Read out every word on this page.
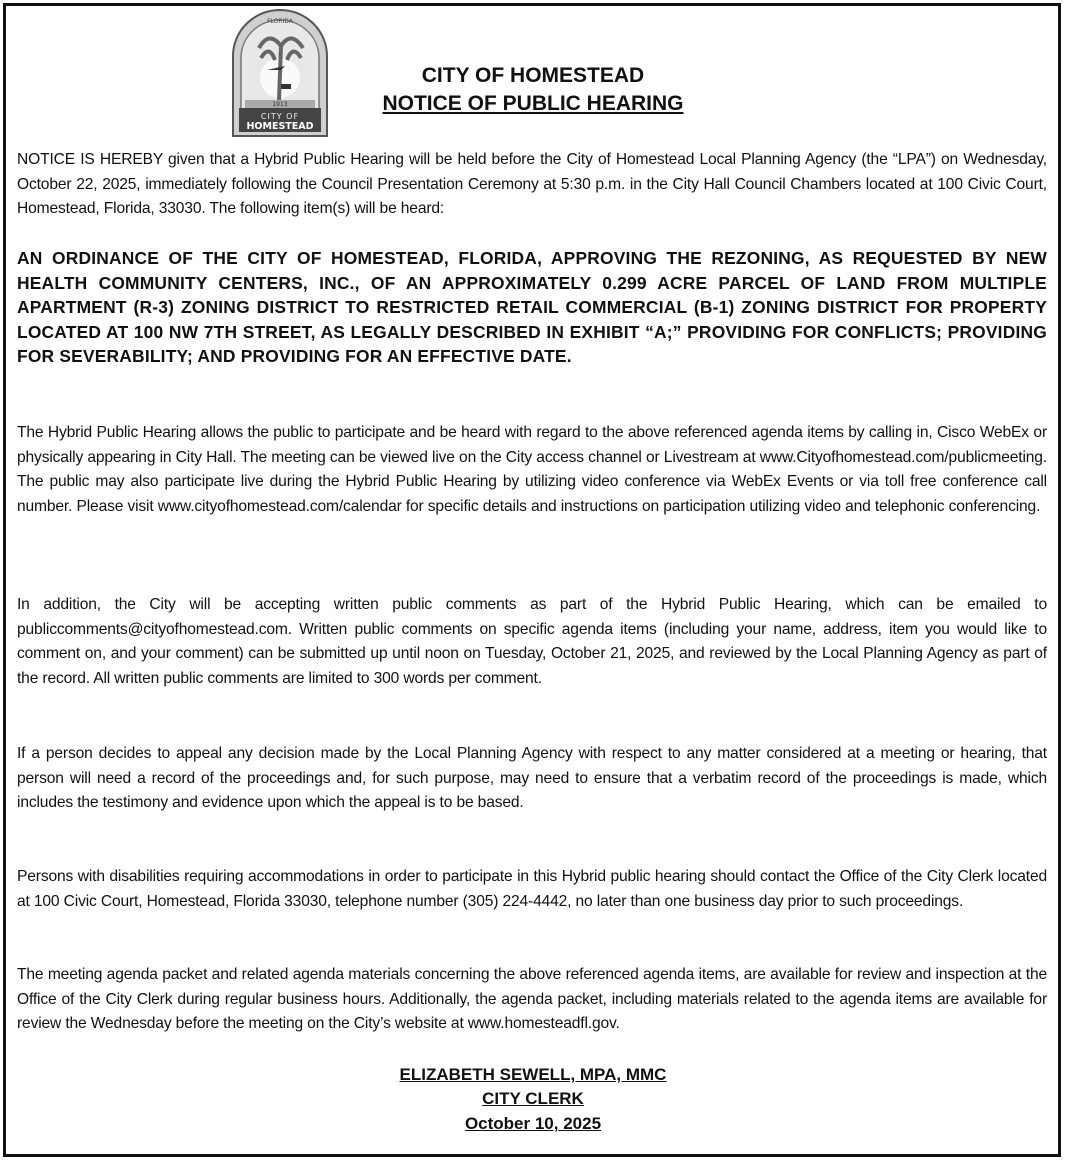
1913
CITY OF
HOMESTEAD
FLORIDA
CITY OF HOMESTEAD
NOTICE OF PUBLIC HEARING
NOTICE IS HEREBY given that a Hybrid Public Hearing will be held before the City of Homestead Local Planning Agency (the “LPA”) on Wednesday, October 22, 2025, immediately following the Council Presentation Ceremony at 5:30 p.m. in the City Hall Council Chambers located at 100 Civic Court, Homestead, Florida, 33030. The following item(s) will be heard:
AN ORDINANCE OF THE CITY OF HOMESTEAD, FLORIDA, APPROVING THE REZONING, AS REQUESTED BY NEW HEALTH COMMUNITY CENTERS, INC., OF AN APPROXIMATELY 0.299 ACRE PARCEL OF LAND FROM MULTIPLE APARTMENT (R-3) ZONING DISTRICT TO RESTRICTED RETAIL COMMERCIAL (B-1) ZONING DISTRICT FOR PROPERTY LOCATED AT 100 NW 7TH STREET, AS LEGALLY DESCRIBED IN EXHIBIT “A;” PROVIDING FOR CONFLICTS; PROVIDING FOR SEVERABILITY; AND PROVIDING FOR AN EFFECTIVE DATE.
The Hybrid Public Hearing allows the public to participate and be heard with regard to the above referenced agenda items by calling in, Cisco WebEx or physically appearing in City Hall. The meeting can be viewed live on the City access channel or Livestream at www.Cityofhomestead.com/publicmeeting. The public may also participate live during the Hybrid Public Hearing by utilizing video conference via WebEx Events or via toll free conference call number. Please visit www.cityofhomestead.com/calendar for specific details and instructions on participation utilizing video and telephonic conferencing.
In addition, the City will be accepting written public comments as part of the Hybrid Public Hearing, which can be emailed to publiccomments@cityofhomestead.com. Written public comments on specific agenda items (including your name, address, item you would like to comment on, and your comment) can be submitted up until noon on Tuesday, October 21, 2025, and reviewed by the Local Planning Agency as part of the record. All written public comments are limited to 300 words per comment.
If a person decides to appeal any decision made by the Local Planning Agency with respect to any matter considered at a meeting or hearing, that person will need a record of the proceedings and, for such purpose, may need to ensure that a verbatim record of the proceedings is made, which includes the testimony and evidence upon which the appeal is to be based.
Persons with disabilities requiring accommodations in order to participate in this Hybrid public hearing should contact the Office of the City Clerk located at 100 Civic Court, Homestead, Florida 33030, telephone number (305) 224-4442, no later than one business day prior to such proceedings.
The meeting agenda packet and related agenda materials concerning the above referenced agenda items, are available for review and inspection at the Office of the City Clerk during regular business hours. Additionally, the agenda packet, including materials related to the agenda items are available for review the Wednesday before the meeting on the City’s website at www.homesteadfl.gov.
ELIZABETH SEWELL, MPA, MMC
CITY CLERK
October 10, 2025
